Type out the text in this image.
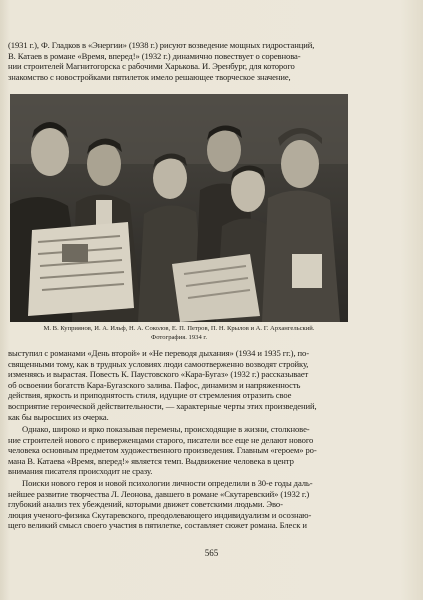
(1931 г.), Ф. Гладков в «Энергии» (1938 г.) рисуют возведение мощных гидростанций,
В. Катаев в романе «Время, вперед!» (1932 г.) динамично повествует о соревнова-
нии строителей Магнитогорска с рабочими Харькова. И. Эренбург, для которого
знакомство с новостройками пятилеток имело решающее творческое значение,

М. В. Куприянов, И. А. Ильф, Н. А. Соколов, Е. П. Петров, П. Н. Крылов и А. Г. Архангельский.
Фотография. 1934 г.

выступил с романами «День второй» и «Не переводя дыхания» (1934 и 1935 гг.), по-
священными тому, как в трудных условиях люди самоотверженно возводят стройку,
изменяясь и вырастая. Повесть К. Паустовского «Кара-Бугаз» (1932 г.) рассказывает
об освоении богатств Кара-Бугазского залива. Пафос, динамизм и напряженность
действия, яркость и приподнятость стиля, идущие от стремления отразить свое
восприятие героической действительности, — характерные черты этих произведений,
как бы выросших из очерка.
Однако, широко и ярко показывая перемены, происходящие в жизни, столкнове-
ние строителей нового с приверженцами старого, писатели все еще не делают нового
человека основным предметом художественного произведения. Главным «героем» ро-
мана В. Катаева «Время, вперед!» является темп. Выдвижение человека в центр
внимания писателя происходит не сразу.
Поиски нового героя и новой психологии личности определили в 30-е годы даль-
нейшее развитие творчества Л. Леонова, давшего в романе «Скутаревский» (1932 г.)
глубокий анализ тех убеждений, которыми движет советскими людьми. Эво-
люция ученого-физика Скутаревского, преодолевающего индивидуализм и осознаю-
щего великий смысл своего участия в пятилетке, составляет сюжет романа. Блеск и
565
